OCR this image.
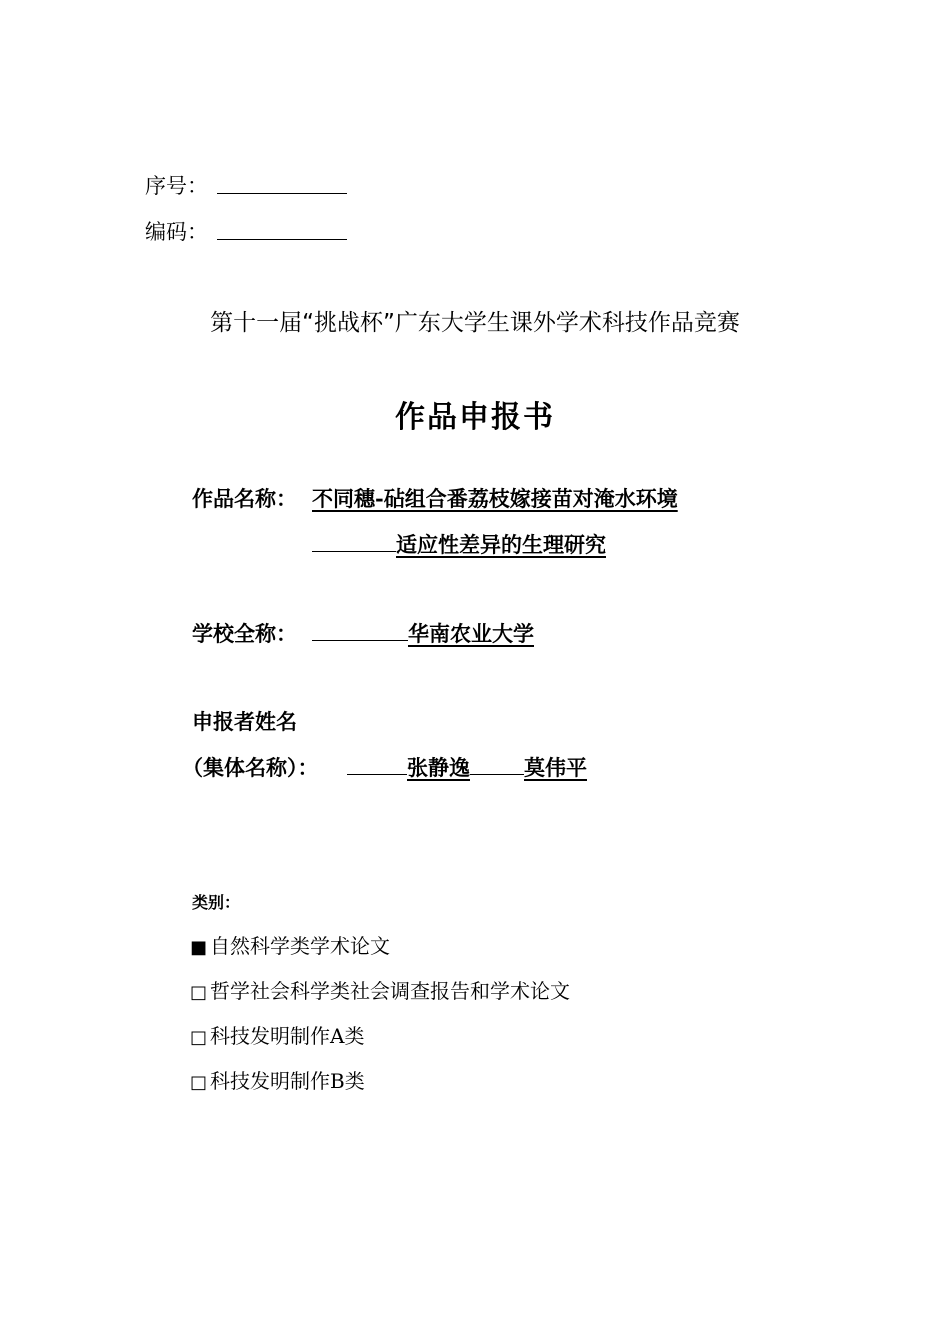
序号：
编码：
第十一届“挑战杯”广东大学生课外学术科技作品竞赛
作品申报书
作品名称： 不同穗-砧组合番荔枝嫁接苗对淹水环境
适应性差异的生理研究
学校全称：	华南农业大学
申报者姓名
（集体名称）：	张静逸	莫伟平
类别：
■ 自然科学类学术论文
□ 哲学社会科学类社会调查报告和学术论文
□ 科技发明制作A类
□ 科技发明制作B类
